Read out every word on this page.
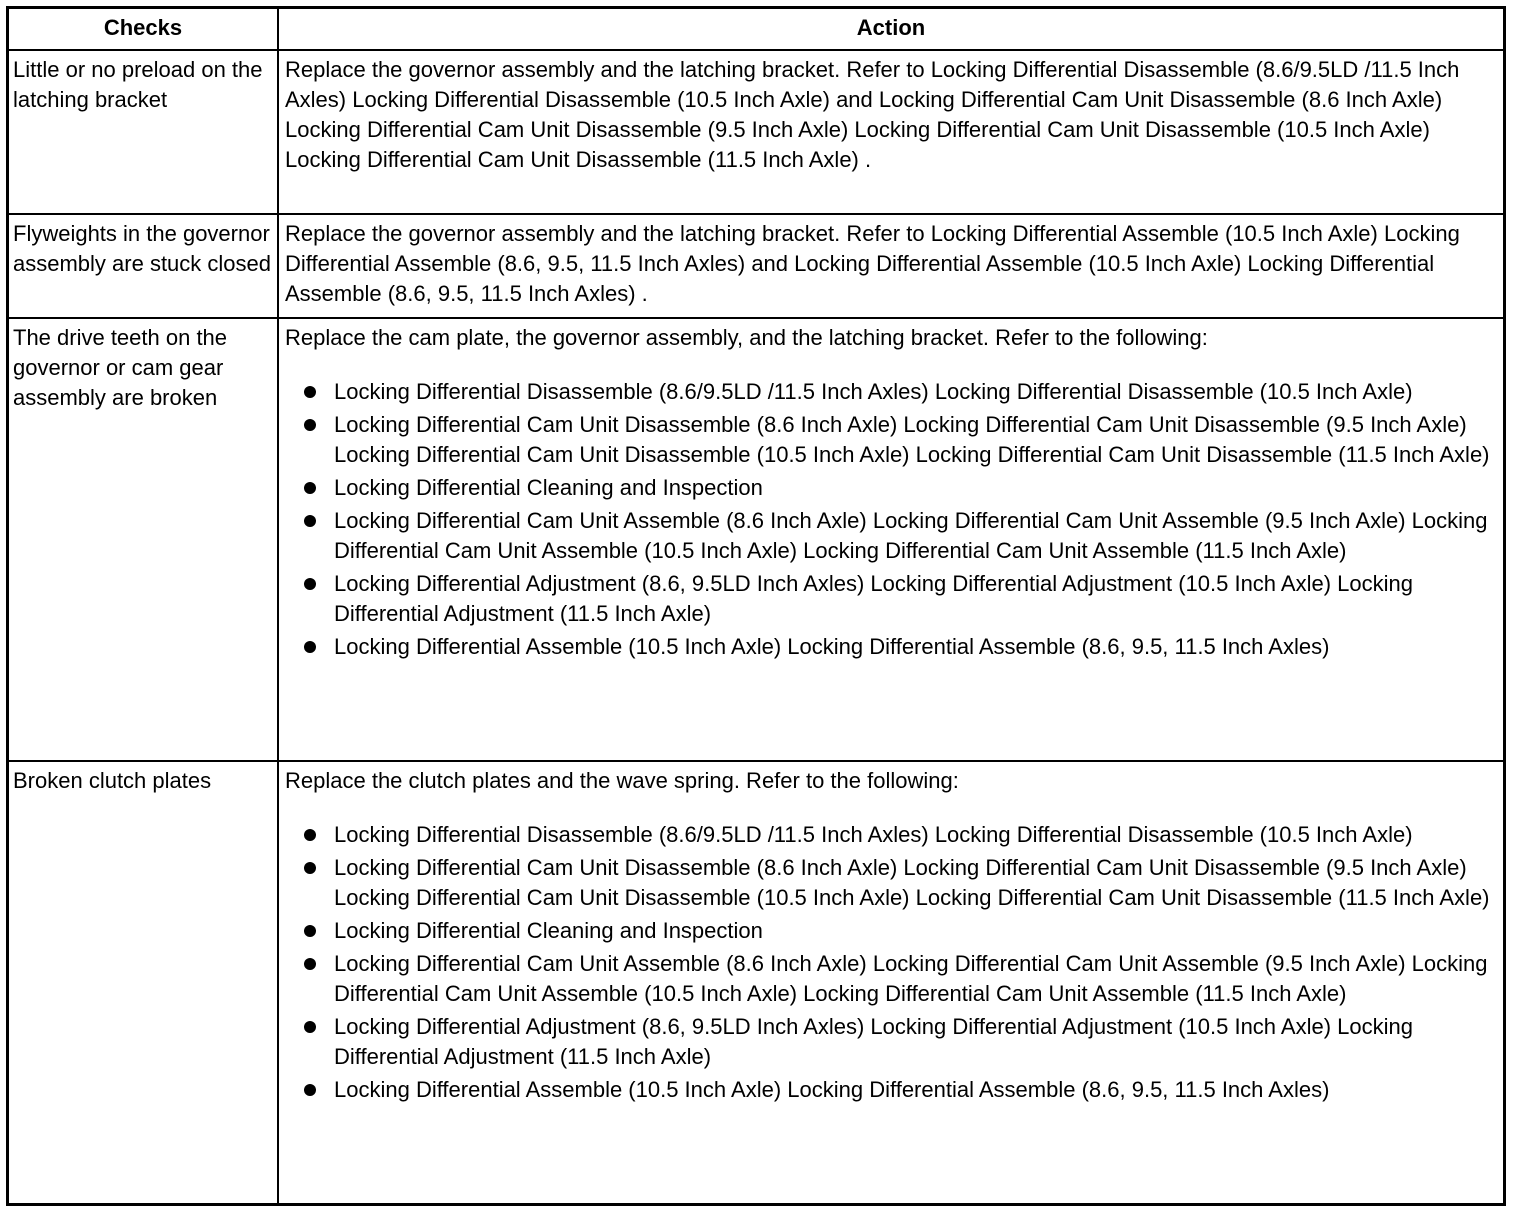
Checks	Action
Little or no preload on the latching bracket
Replace the governor assembly and the latching bracket. Refer to Locking Differential Disassemble (8.6/9.5LD /11.5 Inch Axles) Locking Differential Disassemble (10.5 Inch Axle) and Locking Differential Cam Unit Disassemble (8.6 Inch Axle) Locking Differential Cam Unit Disassemble (9.5 Inch Axle) Locking Differential Cam Unit Disassemble (10.5 Inch Axle) Locking Differential Cam Unit Disassemble (11.5 Inch Axle) .
Flyweights in the governor assembly are stuck closed
Replace the governor assembly and the latching bracket. Refer to Locking Differential Assemble (10.5 Inch Axle) Locking Differential Assemble (8.6, 9.5, 11.5 Inch Axles) and Locking Differential Assemble (10.5 Inch Axle) Locking Differential Assemble (8.6, 9.5, 11.5 Inch Axles) .
The drive teeth on the governor or cam gear assembly are broken
Replace the cam plate, the governor assembly, and the latching bracket. Refer to the following:
Locking Differential Disassemble (8.6/9.5LD /11.5 Inch Axles) Locking Differential Disassemble (10.5 Inch Axle)
Locking Differential Cam Unit Disassemble (8.6 Inch Axle) Locking Differential Cam Unit Disassemble (9.5 Inch Axle) Locking Differential Cam Unit Disassemble (10.5 Inch Axle) Locking Differential Cam Unit Disassemble (11.5 Inch Axle)
Locking Differential Cleaning and Inspection
Locking Differential Cam Unit Assemble (8.6 Inch Axle) Locking Differential Cam Unit Assemble (9.5 Inch Axle) Locking Differential Cam Unit Assemble (10.5 Inch Axle) Locking Differential Cam Unit Assemble (11.5 Inch Axle)
Locking Differential Adjustment (8.6, 9.5LD Inch Axles) Locking Differential Adjustment (10.5 Inch Axle) Locking Differential Adjustment (11.5 Inch Axle)
Locking Differential Assemble (10.5 Inch Axle) Locking Differential Assemble (8.6, 9.5, 11.5 Inch Axles)
Broken clutch plates	Replace the clutch plates and the wave spring. Refer to the following:
Locking Differential Disassemble (8.6/9.5LD /11.5 Inch Axles) Locking Differential Disassemble (10.5 Inch Axle)
Locking Differential Cam Unit Disassemble (8.6 Inch Axle) Locking Differential Cam Unit Disassemble (9.5 Inch Axle) Locking Differential Cam Unit Disassemble (10.5 Inch Axle) Locking Differential Cam Unit Disassemble (11.5 Inch Axle)
Locking Differential Cleaning and Inspection
Locking Differential Cam Unit Assemble (8.6 Inch Axle) Locking Differential Cam Unit Assemble (9.5 Inch Axle) Locking Differential Cam Unit Assemble (10.5 Inch Axle) Locking Differential Cam Unit Assemble (11.5 Inch Axle)
Locking Differential Adjustment (8.6, 9.5LD Inch Axles) Locking Differential Adjustment (10.5 Inch Axle) Locking Differential Adjustment (11.5 Inch Axle)
Locking Differential Assemble (10.5 Inch Axle) Locking Differential Assemble (8.6, 9.5, 11.5 Inch Axles)
